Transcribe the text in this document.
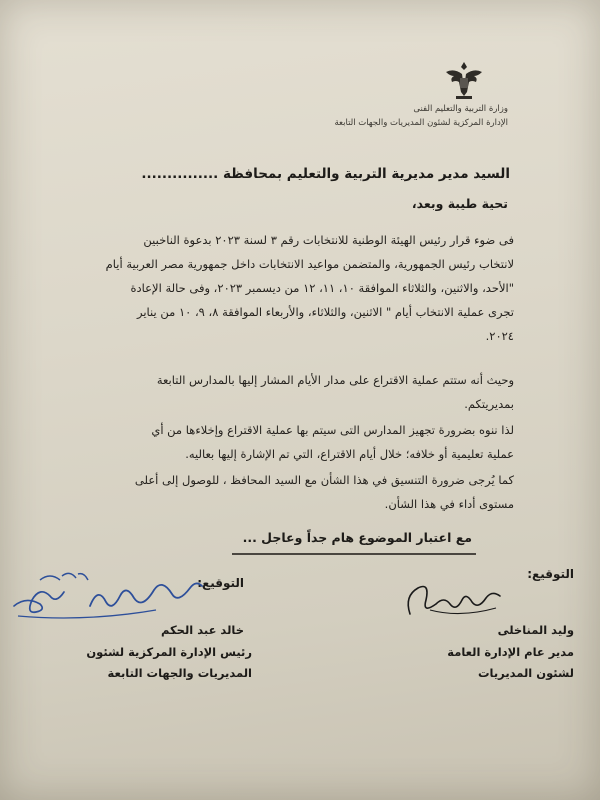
وزارة التربية والتعليم الفنى
الإدارة المركزية لشئون المديريات والجهات التابعة
السيد مدير مديرية التربية والتعليم بمحافظة ...............
تحية طيبة وبعد،
فى ضوء قرار رئيس الهيئة الوطنية للانتخابات رقم ٣ لسنة ٢٠٢٣ بدعوة الناخبين
لانتخاب رئيس الجمهورية، والمتضمن مواعيد الانتخابات داخل جمهورية مصر العربية أيام
"الأحد، والاثنين، والثلاثاء الموافقة ١٠، ١١، ١٢ من ديسمبر ٢٠٢٣، وفى حالة الإعادة
تجرى عملية الانتخاب أيام " الاثنين، والثلاثاء، والأربعاء الموافقة ٨، ٩، ١٠ من يناير
٢٠٢٤.
وحيث أنه ستتم عملية الاقتراع على مدار الأيام المشار إليها بالمدارس التابعة
بمديريتكم.
لذا ننوه بضرورة تجهيز المدارس التى سيتم بها عملية الاقتراع وإخلاءها من أي
عملية تعليمية أو خلافه؛ خلال أيام الاقتراع، التي تم الإشارة إليها بعاليه.
كما يُرجى ضرورة التنسيق في هذا الشأن مع السيد المحافظ ، للوصول إلى أعلى
مستوى أداء في هذا الشأن.
مع اعتبار الموضوع هام جداً وعاجل ...
التوقيع:
التوقيع:
وليد المناخلى
مدير عام الإدارة العامة
لشئون المديريات
خالد عبد الحكم
رئيس الإدارة المركزية لشئون
المديريات والجهات التابعة
